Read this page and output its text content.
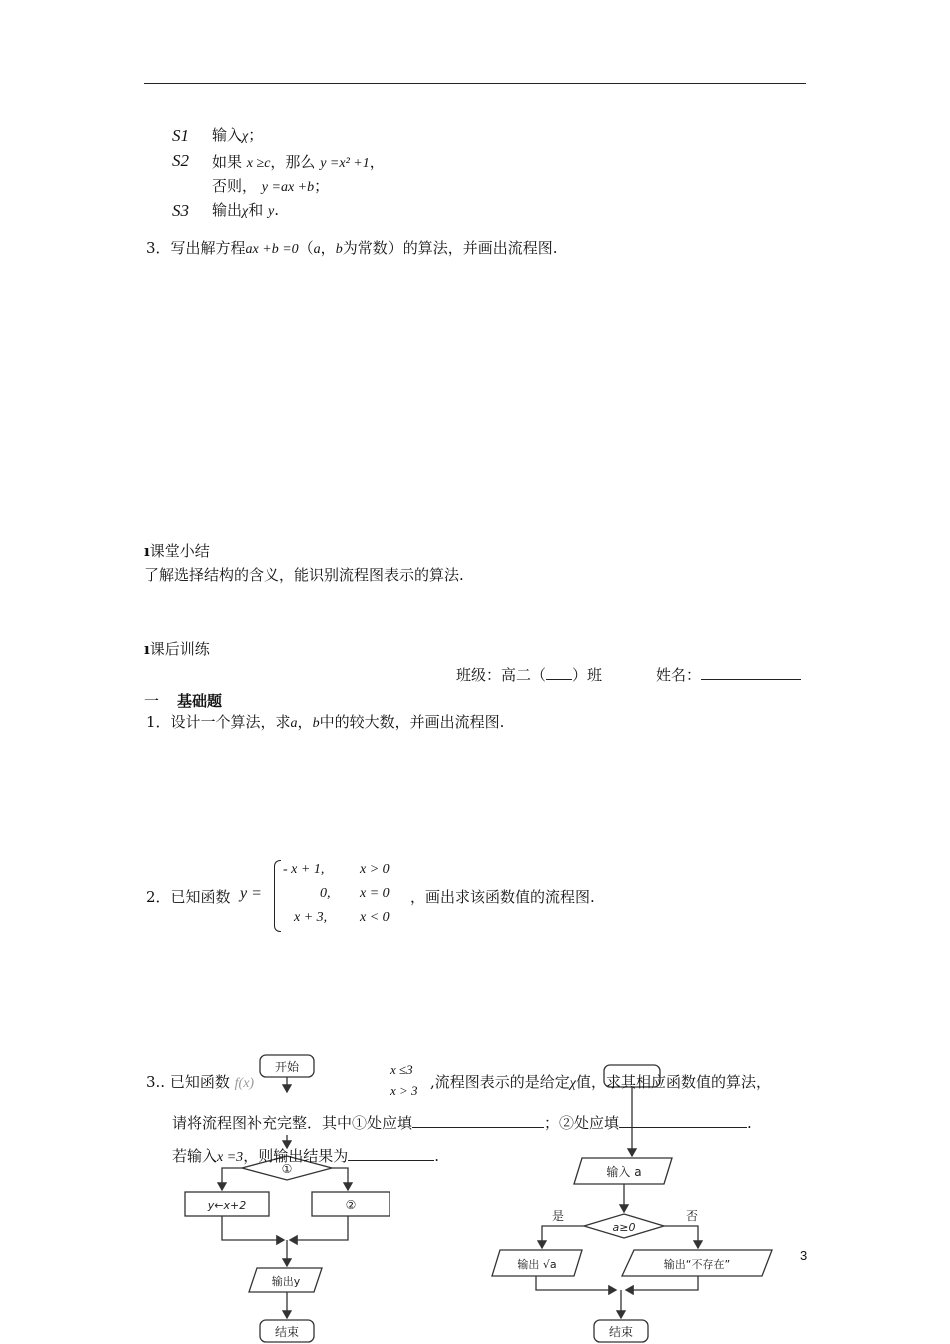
S1 输入χ；
S2 如果 x ≥c，那么 y =x² +1，
否则， y =ax +b；
S3 输出χ和 y.
3．写出解方程ax +b =0（a，b为常数）的算法，并画出流程图.
ı课堂小结
了解选择结构的含义，能识别流程图表示的算法.
ı课后训练
班级：高二（ ）班	姓名：
一 基础题
1．设计一个算法，求a，b中的较大数，并画出流程图.
2．已知函数 y =
- x + 1,	x > 0
0, x = 0
x + 3, x < 0
，画出求该函数值的流程图.
开始
①
y←x+2	②
输出y
结束
输入 a
a≥0
是	否
输出 √a	输出“不存在”
结束
3.. 已知函数 f(x)
x ≤3
x > 3 ,流程图表示的是给定χ值，求其相应函数值的算法，
请将流程图补充完整．其中①处应填	；②处应填	.
若输入x =3，则输出结果为	.
3
